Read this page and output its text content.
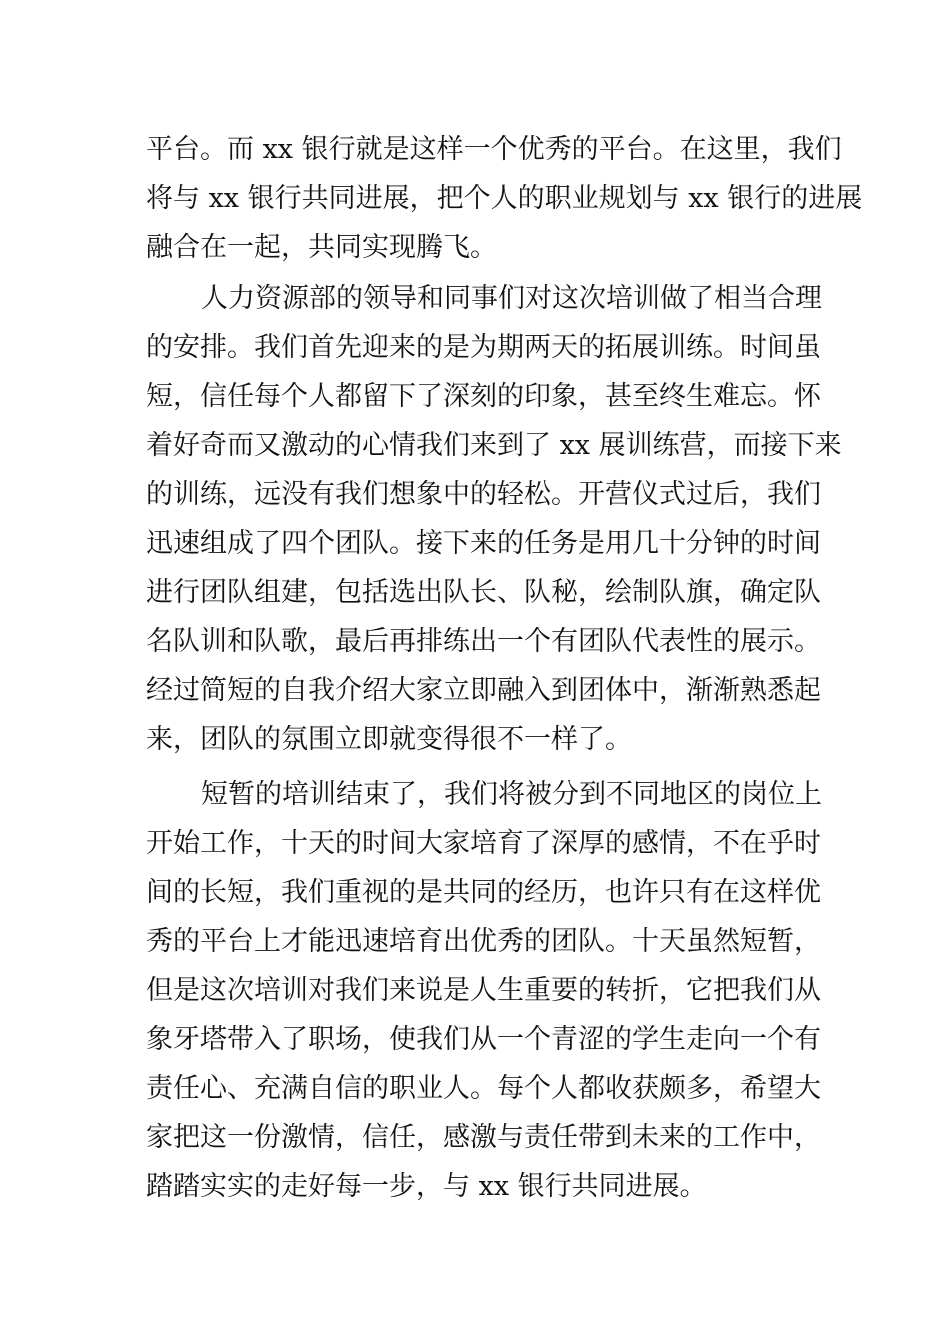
平台。而 xx 银行就是这样一个优秀的平台。在这里，我们
将与 xx 银行共同进展，把个人的职业规划与 xx 银行的进展
融合在一起，共同实现腾飞。
人力资源部的领导和同事们对这次培训做了相当合理
的安排。我们首先迎来的是为期两天的拓展训练。时间虽
短，信任每个人都留下了深刻的印象，甚至终生难忘。怀
着好奇而又激动的心情我们来到了 xx 展训练营，而接下来
的训练，远没有我们想象中的轻松。开营仪式过后，我们
迅速组成了四个团队。接下来的任务是用几十分钟的时间
进行团队组建，包括选出队长、队秘，绘制队旗，确定队
名队训和队歌，最后再排练出一个有团队代表性的展示。
经过简短的自我介绍大家立即融入到团体中，渐渐熟悉起
来，团队的氛围立即就变得很不一样了。
短暂的培训结束了，我们将被分到不同地区的岗位上
开始工作，十天的时间大家培育了深厚的感情，不在乎时
间的长短，我们重视的是共同的经历，也许只有在这样优
秀的平台上才能迅速培育出优秀的团队。十天虽然短暂，
但是这次培训对我们来说是人生重要的转折，它把我们从
象牙塔带入了职场，使我们从一个青涩的学生走向一个有
责任心、充满自信的职业人。每个人都收获颇多，希望大
家把这一份激情，信任，感激与责任带到未来的工作中，
踏踏实实的走好每一步，与 xx 银行共同进展。
